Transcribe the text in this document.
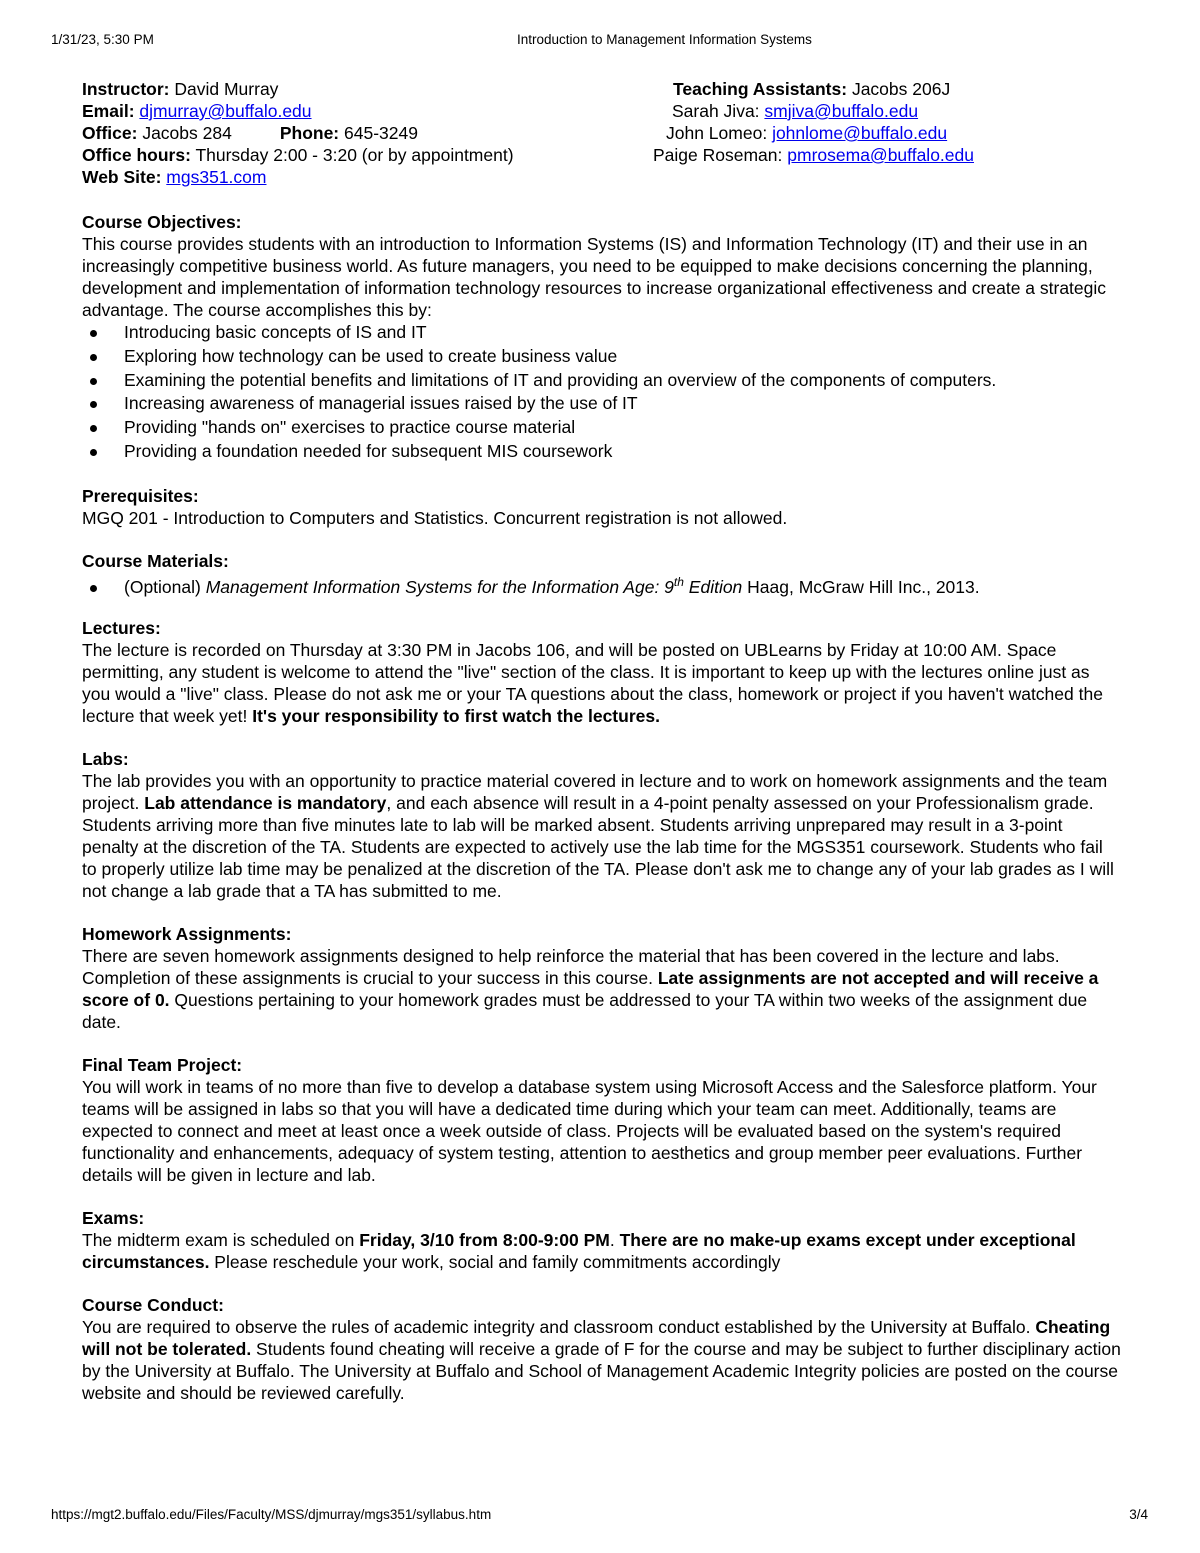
1/31/23, 5:30 PM	Introduction to Management Information Systems
Instructor: David Murray
Email: djmurray@buffalo.edu
Office: Jacobs 284	Phone: 645-3249
Office hours: Thursday 2:00 - 3:20 (or by appointment)
Web Site: mgs351.com
Teaching Assistants: Jacobs 206J
Sarah Jiva: smjiva@buffalo.edu
John Lomeo: johnlome@buffalo.edu
Paige Roseman: pmrosema@buffalo.edu
Course Objectives:

This course provides students with an introduction to Information Systems (IS) and Information Technology (IT) and their use in an increasingly competitive business world. As future managers, you need to be equipped to make decisions concerning the planning, development and implementation of information technology resources to increase organizational effectiveness and create a strategic advantage. The course accomplishes this by:

Introducing basic concepts of IS and IT
Exploring how technology can be used to create business value
Examining the potential benefits and limitations of IT and providing an overview of the components of computers.
Increasing awareness of managerial issues raised by the use of IT
Providing "hands on" exercises to practice course material
Providing a foundation needed for subsequent MIS coursework
Prerequisites:

MGQ 201 - Introduction to Computers and Statistics. Concurrent registration is not allowed.

Course Materials:
(Optional) Management Information Systems for the Information Age: 9th Edition Haag, McGraw Hill Inc., 2013.
Lectures:

The lecture is recorded on Thursday at 3:30 PM in Jacobs 106, and will be posted on UBLearns by Friday at 10:00 AM. Space permitting, any student is welcome to attend the "live" section of the class. It is important to keep up with the lectures online just as you would a "live" class. Please do not ask me or your TA questions about the class, homework or project if you haven't watched the lecture that week yet! It's your responsibility to first watch the lectures.

Labs:

The lab provides you with an opportunity to practice material covered in lecture and to work on homework assignments and the team project. Lab attendance is mandatory, and each absence will result in a 4-point penalty assessed on your Professionalism grade. Students arriving more than five minutes late to lab will be marked absent. Students arriving unprepared may result in a 3-point penalty at the discretion of the TA. Students are expected to actively use the lab time for the MGS351 coursework. Students who fail to properly utilize lab time may be penalized at the discretion of the TA. Please don't ask me to change any of your lab grades as I will not change a lab grade that a TA has submitted to me.

Homework Assignments:

There are seven homework assignments designed to help reinforce the material that has been covered in the lecture and labs. Completion of these assignments is crucial to your success in this course. Late assignments are not accepted and will receive a score of 0. Questions pertaining to your homework grades must be addressed to your TA within two weeks of the assignment due date.

Final Team Project:

You will work in teams of no more than five to develop a database system using Microsoft Access and the Salesforce platform. Your teams will be assigned in labs so that you will have a dedicated time during which your team can meet. Additionally, teams are expected to connect and meet at least once a week outside of class. Projects will be evaluated based on the system's required functionality and enhancements, adequacy of system testing, attention to aesthetics and group member peer evaluations. Further details will be given in lecture and lab.

Exams:

The midterm exam is scheduled on Friday, 3/10 from 8:00-9:00 PM. There are no make-up exams except under exceptional circumstances. Please reschedule your work, social and family commitments accordingly

Course Conduct:

You are required to observe the rules of academic integrity and classroom conduct established by the University at Buffalo. Cheating will not be tolerated. Students found cheating will receive a grade of F for the course and may be subject to further disciplinary action by the University at Buffalo. The University at Buffalo and School of Management Academic Integrity policies are posted on the course website and should be reviewed carefully.

https://mgt2.buffalo.edu/Files/Faculty/MSS/djmurray/mgs351/syllabus.htm	3/4
